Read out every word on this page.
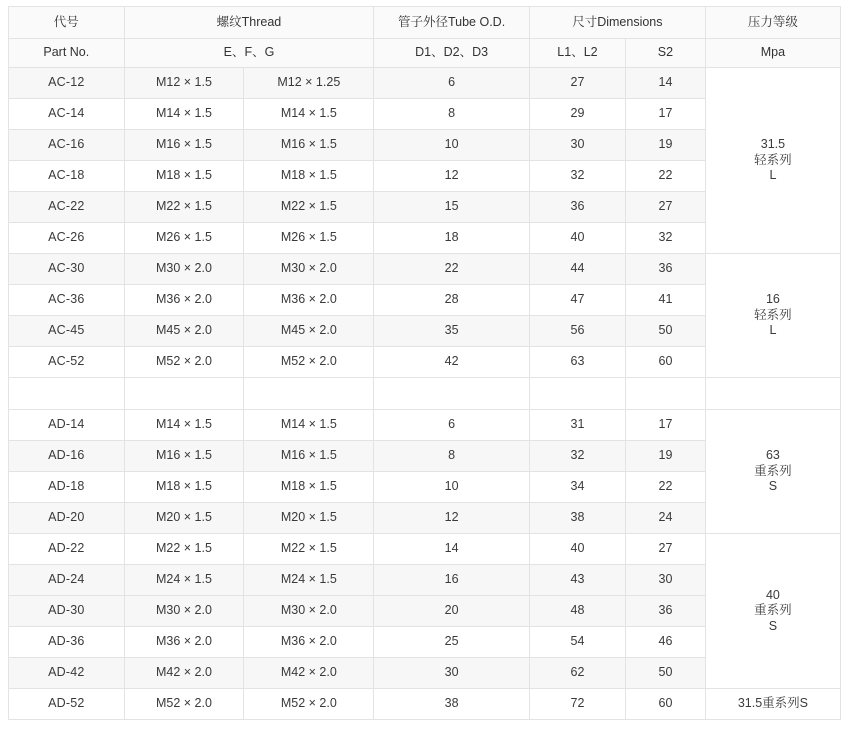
代号	螺纹Thread		管子外径Tube O.D.	尺寸Dimensions		压力等级
Part No.	E、F、G		D1、D2、D3	L1、L2	S2	Mpa
AC-12	M12 × 1.5	M12 × 1.25	6	27	14	31.5
轻系列
L

AC-14	M14 × 1.5	M14 × 1.5	8	29	17	
AC-16	M16 × 1.5	M16 × 1.5	10	30	19	
AC-18	M18 × 1.5	M18 × 1.5	12	32	22	
AC-22	M22 × 1.5	M22 × 1.5	15	36	27	
AC-26	M26 × 1.5	M26 × 1.5	18	40	32	
AC-30	M30 × 2.0	M30 × 2.0	22	44	36	16
轻系列
L

AC-36	M36 × 2.0	M36 × 2.0	28	47	41	
AC-45	M45 × 2.0	M45 × 2.0	35	56	50	
AC-52	M52 × 2.0	M52 × 2.0	42	63	60	

AD-14	M14 × 1.5	M14 × 1.5	6	31	17	63
重系列
S

AD-16	M16 × 1.5	M16 × 1.5	8	32	19	
AD-18	M18 × 1.5	M18 × 1.5	10	34	22	
AD-20	M20 × 1.5	M20 × 1.5	12	38	24	
AD-22	M22 × 1.5	M22 × 1.5	14	40	27	40
重系列
S

AD-24	M24 × 1.5	M24 × 1.5	16	43	30	
AD-30	M30 × 2.0	M30 × 2.0	20	48	36	
AD-36	M36 × 2.0	M36 × 2.0	25	54	46	
AD-42	M42 × 2.0	M42 × 2.0	30	62	50	
AD-52	M52 × 2.0	M52 × 2.0	38	72	60	31.5重系列S
